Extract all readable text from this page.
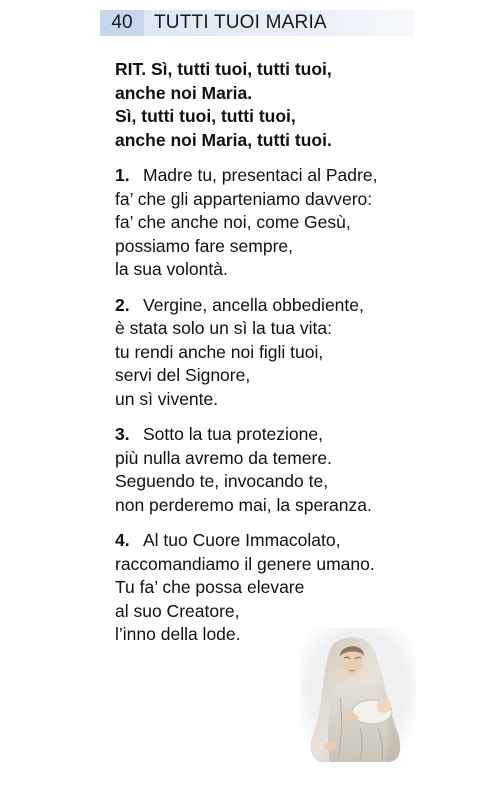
40	TUTTI TUOI MARIA
RIT. Sì, tutti tuoi, tutti tuoi,
anche noi Maria.
Sì, tutti tuoi, tutti tuoi,
anche noi Maria, tutti tuoi.
1. Madre tu, presentaci al Padre,
fa’ che gli apparteniamo davvero:
fa’ che anche noi, come Gesù,
possiamo fare sempre,
la sua volontà.
2. Vergine, ancella obbediente,
è stata solo un sì la tua vita:
tu rendi anche noi figli tuoi,
servi del Signore,
un sì vivente.
3. Sotto la tua protezione,
più nulla avremo da temere.
Seguendo te, invocando te,
non perderemo mai, la speranza.
4. Al tuo Cuore Immacolato,
raccomandiamo il genere umano.
Tu fa’ che possa elevare
al suo Creatore,
l’inno della lode.
